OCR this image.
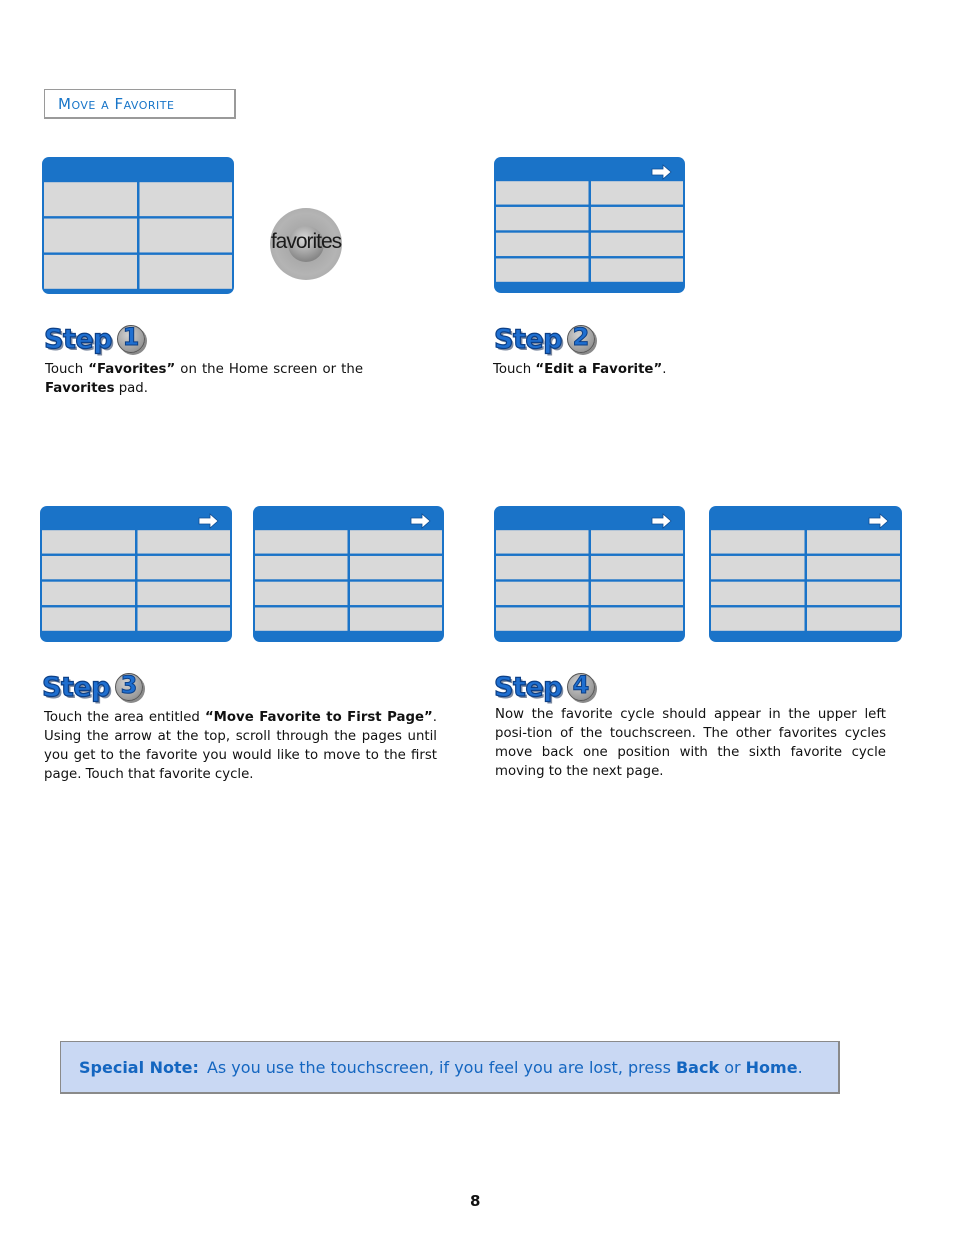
Move a Favorite
favorites
Step 1	Step 2
Step 3	Step 4
Touch “Favorites” on the Home screen or the Favorites pad.
Touch “Edit a Favorite”.
Touch the area entitled “Move Favorite to First Page”. Using the arrow at the top, scroll through the pages until you get to the favorite you would like to move to the first page. Touch that favorite cycle.
Now the favorite cycle should appear in the upper left posi-tion of the touchscreen. The other favorites cycles move back one position with the sixth favorite cycle moving to the next page.
Special Note: As you use the touchscreen, if you feel you are lost, press Back or Home.
8
